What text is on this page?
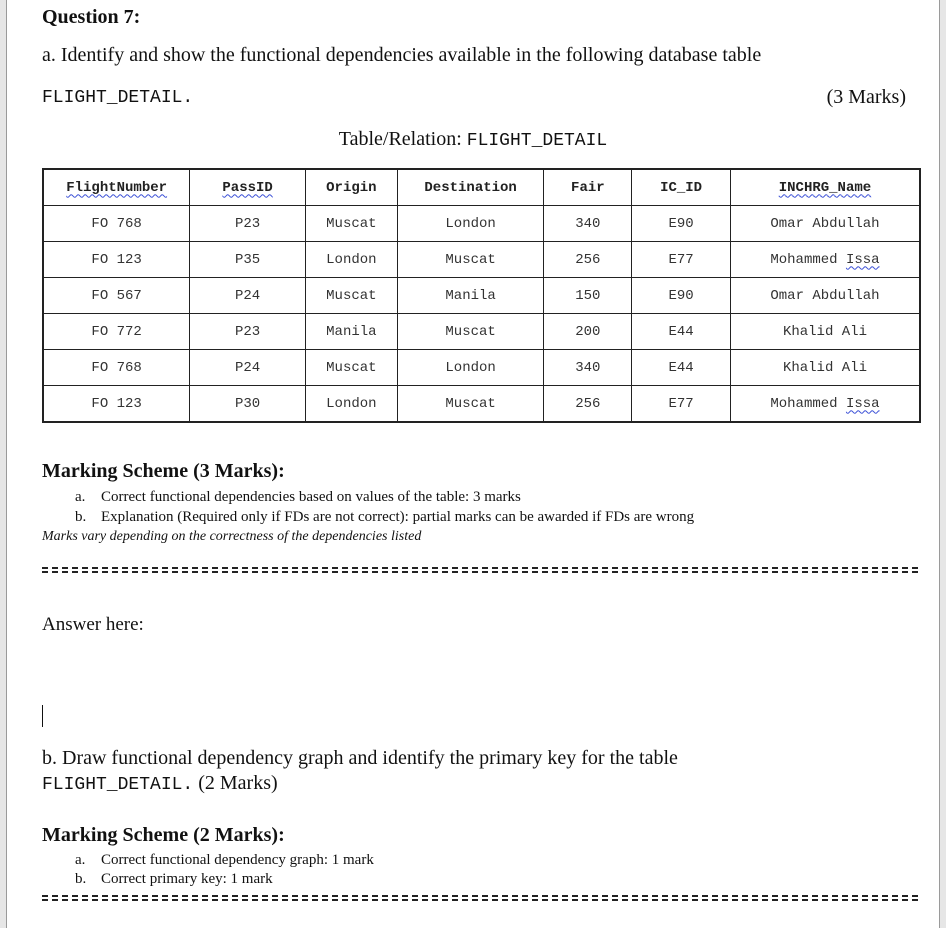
Question 7:
a. Identify and show the functional dependencies available in the following database table
FLIGHT_DETAIL.	(3 Marks)
Table/Relation: FLIGHT_DETAIL
FlightNumber	PassID	Origin	Destination	Fair	IC_ID	INCHRG_Name
FO 768	P23	Muscat	London	340	E90	Omar Abdullah
FO 123	P35	London	Muscat	256	E77	Mohammed Issa
FO 567	P24	Muscat	Manila	150	E90	Omar Abdullah
FO 772	P23	Manila	Muscat	200	E44	Khalid Ali
FO 768	P24	Muscat	London	340	E44	Khalid Ali
FO 123	P30	London	Muscat	256	E77	Mohammed Issa
Marking Scheme (3 Marks):
a. Correct functional dependencies based on values of the table: 3 marks
b. Explanation (Required only if FDs are not correct): partial marks can be awarded if FDs are wrong
Marks vary depending on the correctness of the dependencies listed
Answer here:
b. Draw functional dependency graph and identify the primary key for the table
FLIGHT_DETAIL. (2 Marks)
Marking Scheme (2 Marks):
a. Correct functional dependency graph: 1 mark
b. Correct primary key: 1 mark
